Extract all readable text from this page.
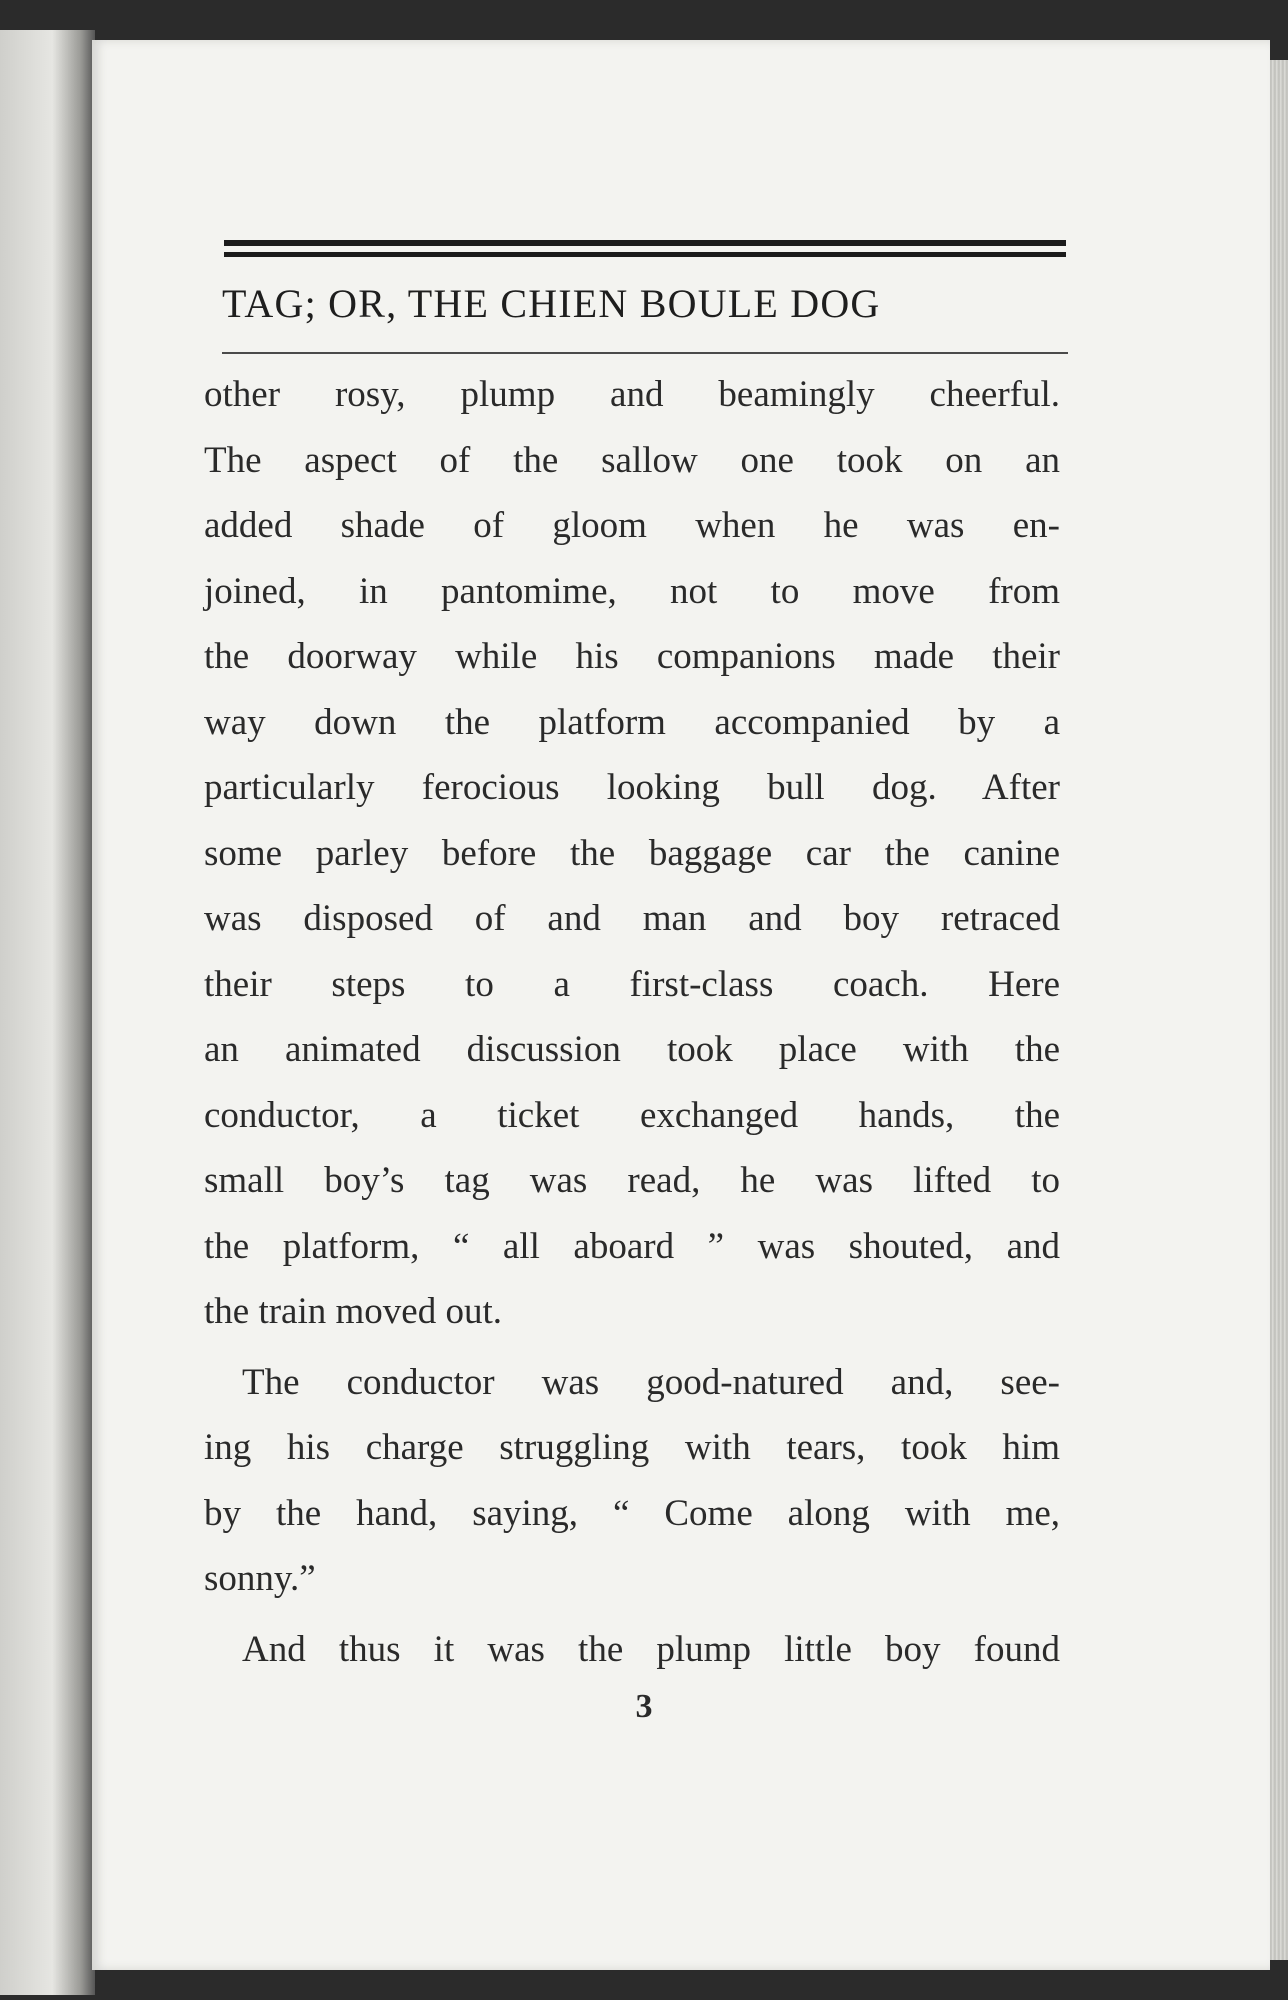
TAG; OR, THE CHIEN BOULE DOG
other rosy, plump and beamingly cheerful.
The aspect of the sallow one took on an
added shade of gloom when he was en-
joined, in pantomime, not to move from
the doorway while his companions made their
way down the platform accompanied by a
particularly ferocious looking bull dog. After
some parley before the baggage car the canine
was disposed of and man and boy retraced
their steps to a first-class coach. Here
an animated discussion took place with the
conductor, a ticket exchanged hands, the
small boy’s tag was read, he was lifted to
the platform, “ all aboard ” was shouted, and
the train moved out.
The conductor was good-natured and, see-
ing his charge struggling with tears, took him
by the hand, saying, “ Come along with me,
sonny.”
And thus it was the plump little boy found
3
